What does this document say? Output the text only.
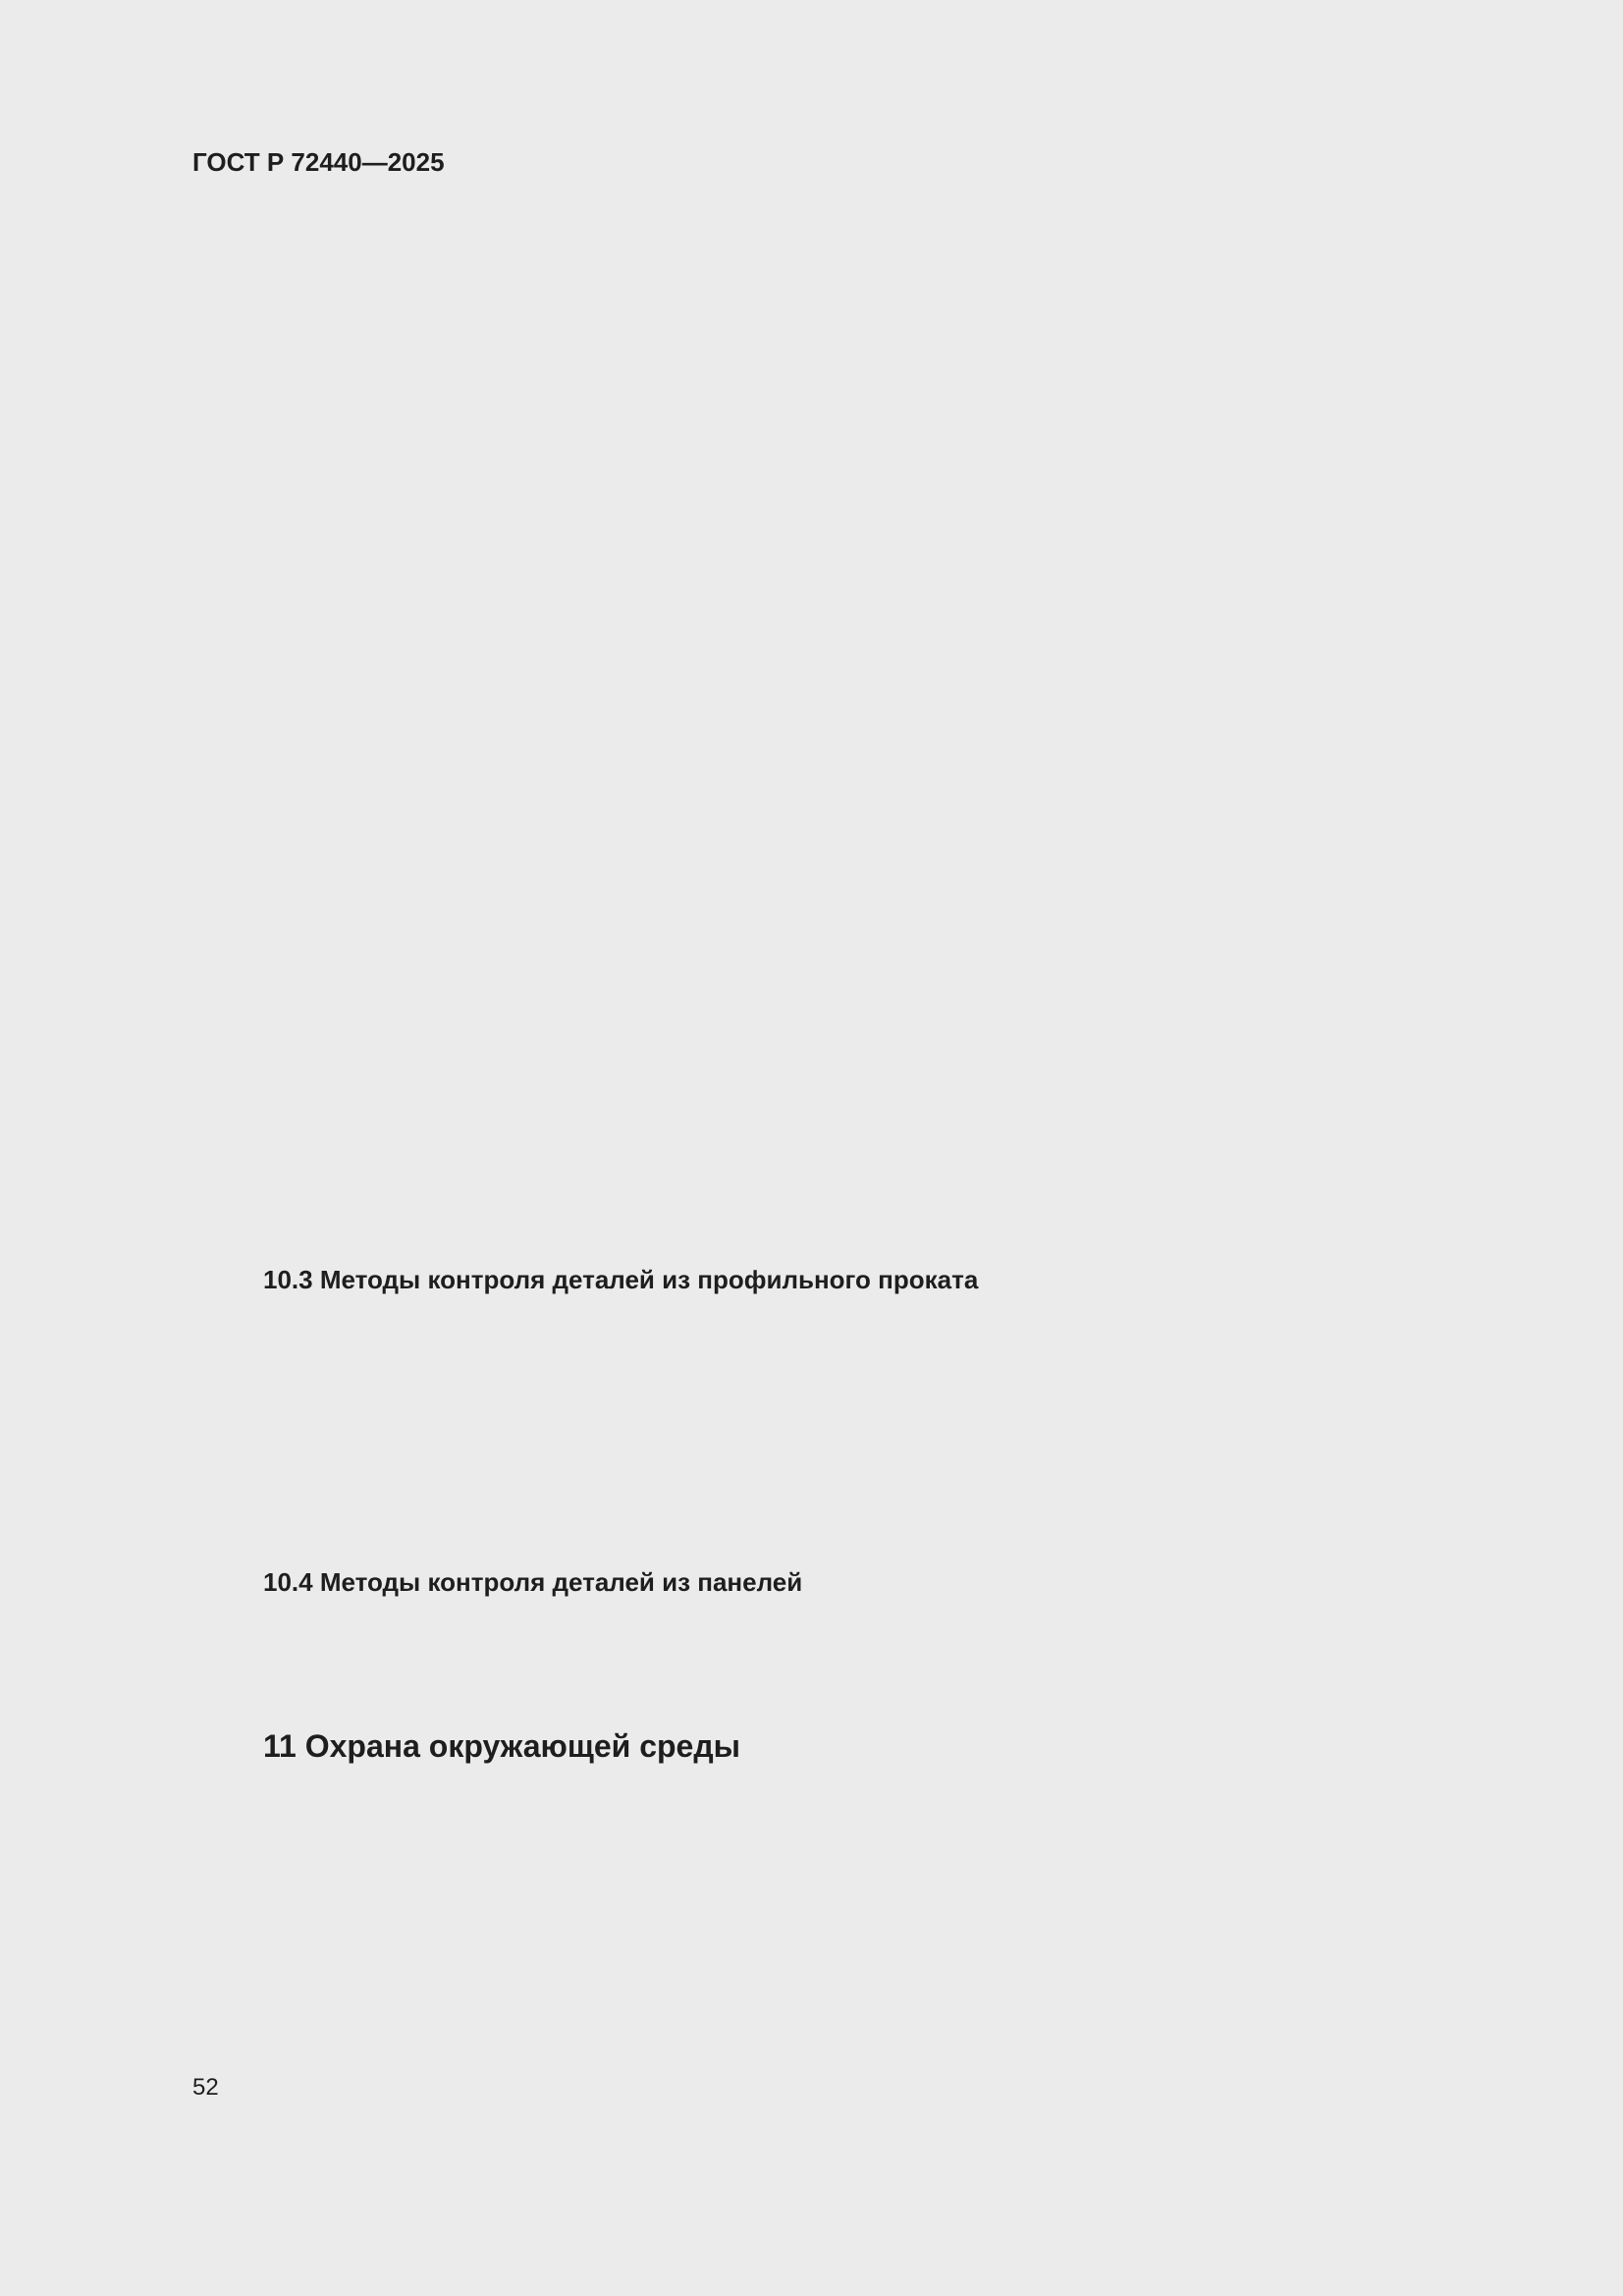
ГОСТ Р 72440—2025
10.3 Методы контроля деталей из профильного проката
10.4 Методы контроля деталей из панелей
11 Охрана окружающей среды
52
